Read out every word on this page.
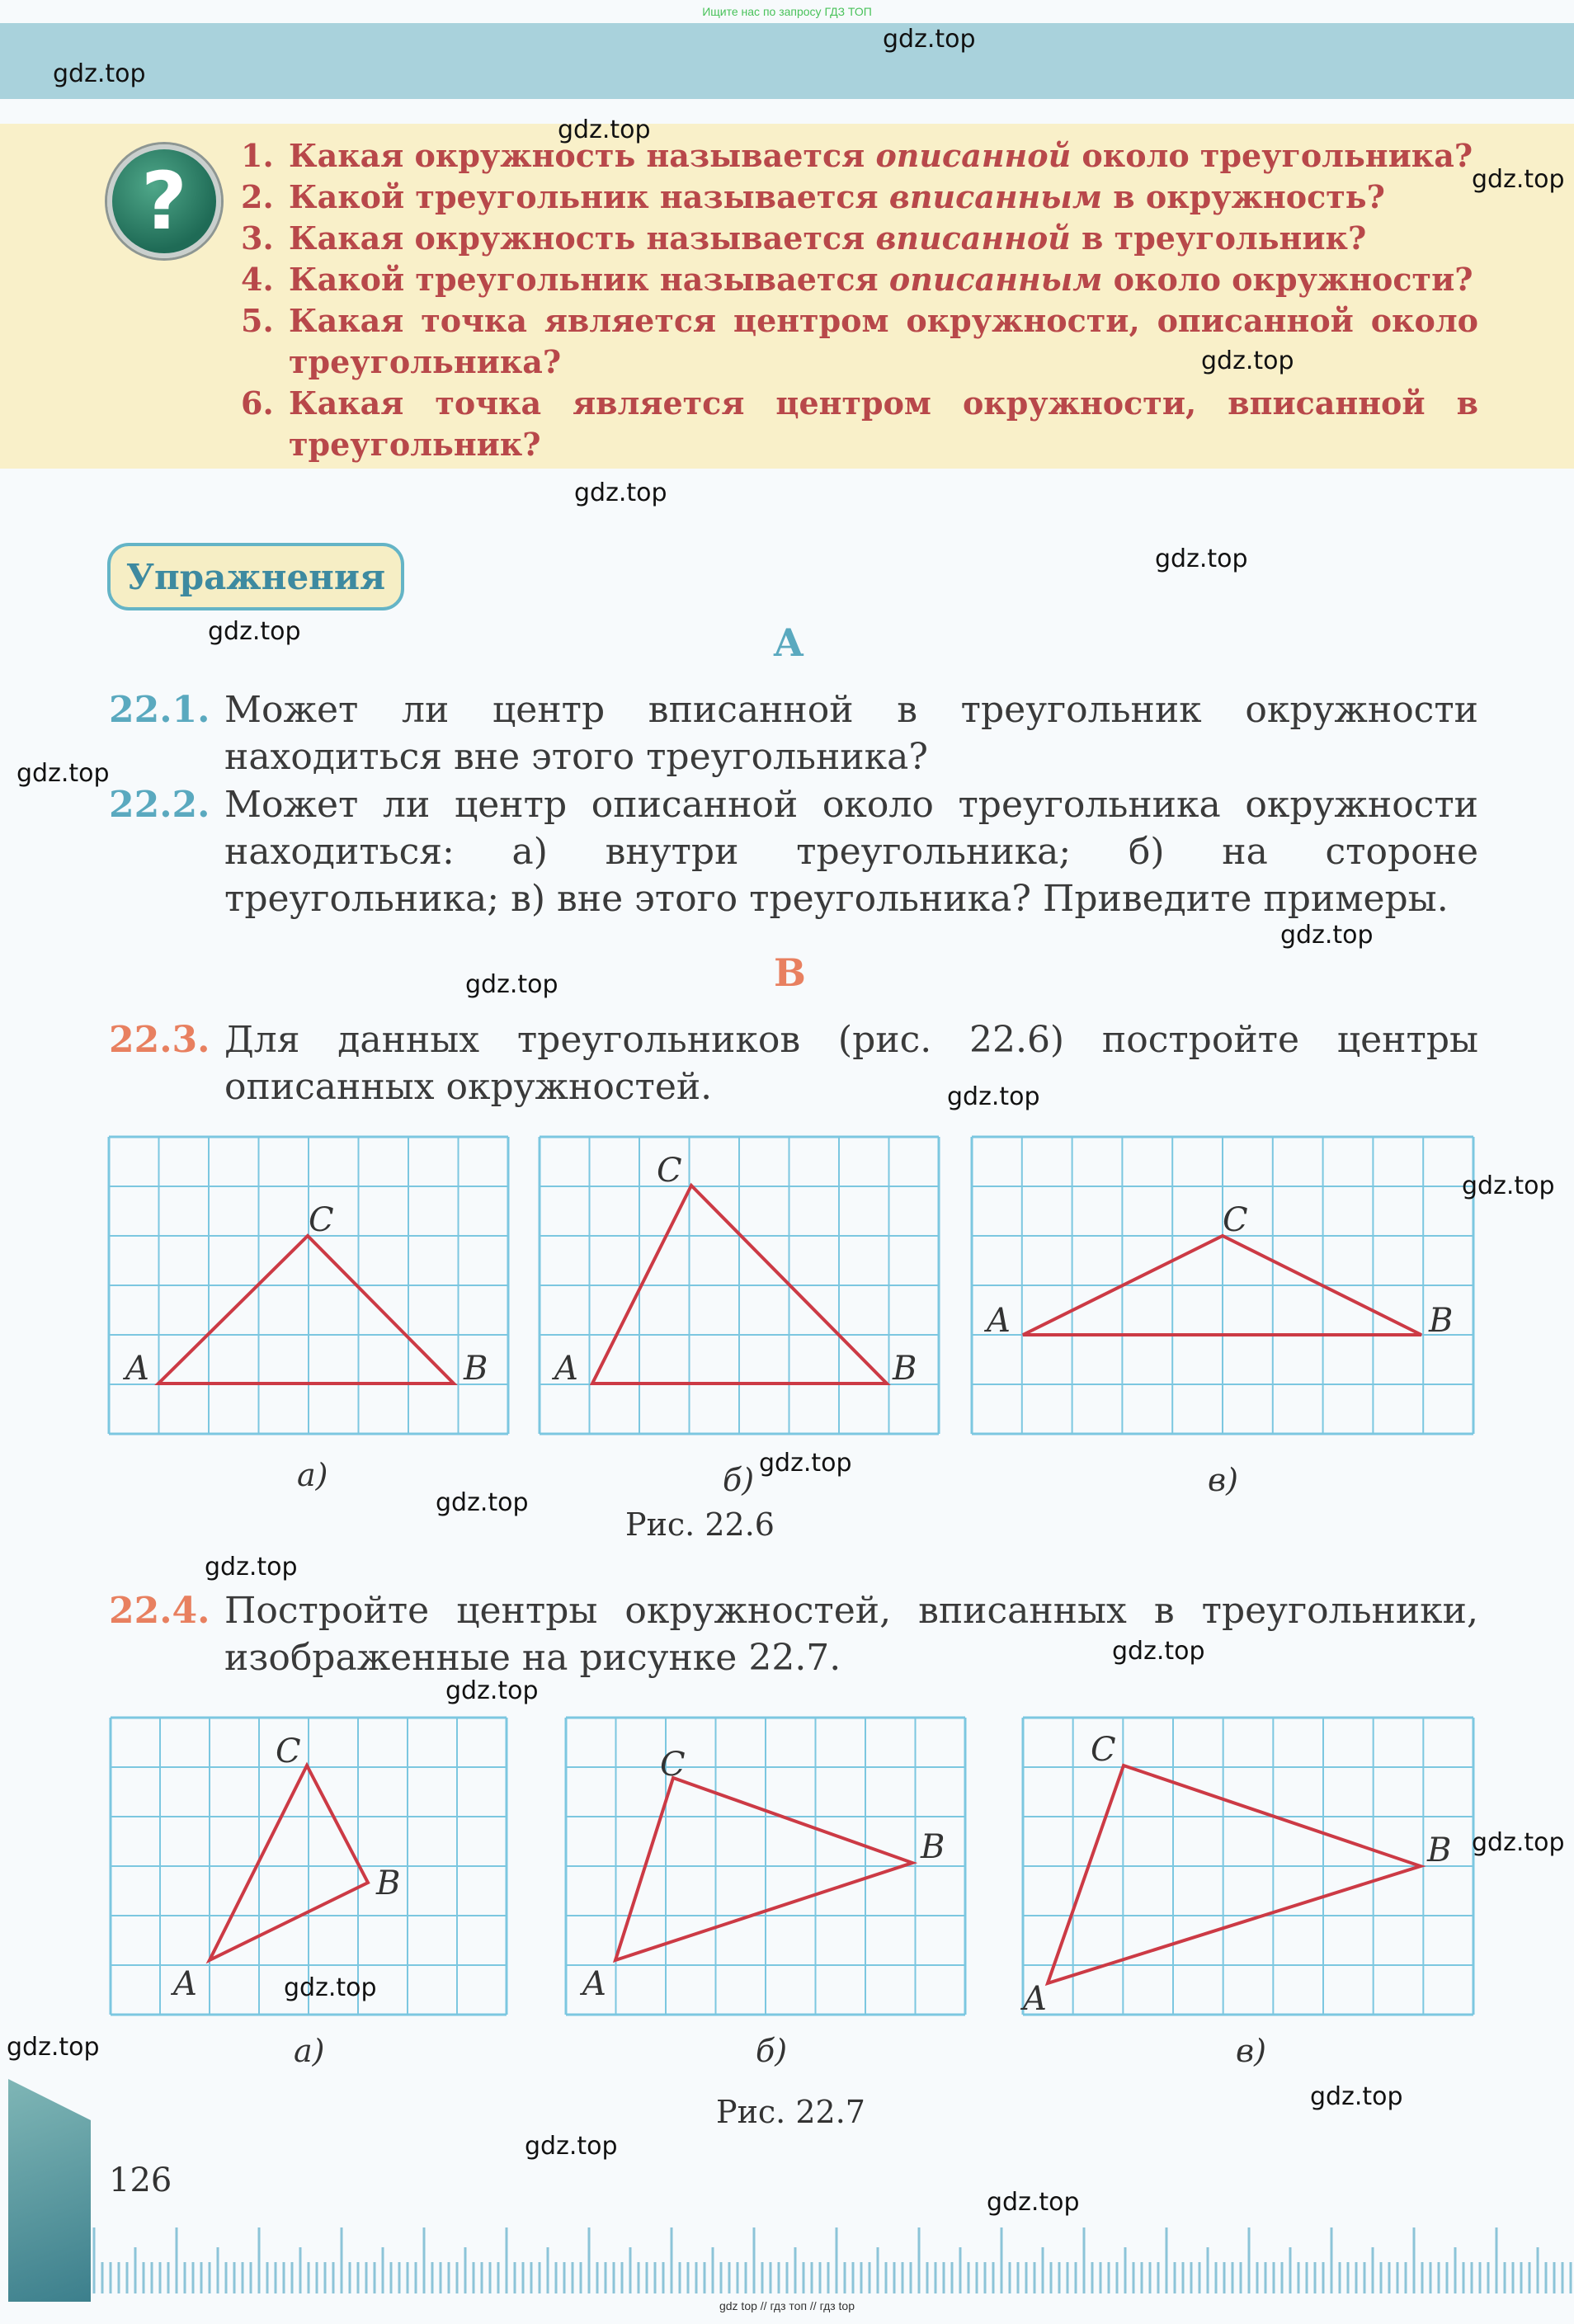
Ищите нас по запросу ГДЗ ТОП
?	1. Какая окружность называется описанной около треугольника?
2. Какой треугольник называется вписанным в окружность?
3. Какая окружность называется вписанной в треугольник?
4. Какой треугольник называется описанным около окружности?
5. Какая точка является центром окружности, описанной около треугольника?
6. Какая точка является центром окружности, вписанной в треугольник?
Упражнения
A
22.1. Может ли центр вписанной в треугольник окружности находиться вне этого треугольника?
22.2. Может ли центр описанной около треугольника окружности находиться: а) внутри треугольника; б) на стороне треугольника; в) вне этого треугольника? Приведите примеры.
B
22.3. Для данных треугольников (рис. 22.6) постройте центры описанных окружностей.
A	B
C
A	B
C
A	B
C
а)	б)	в)
Рис. 22.6
22.4. Постройте центры окружностей, вписанных в треугольники, изображенные на рисунке 22.7.
A
B
C
A
B
C
A
B
C
а)	б)	в)
Рис. 22.7
126
gdz top // гдз топ // гдз top
gdz.top
gdz.top
gdz.top
gdz.top
gdz.top
gdz.top
gdz.top
gdz.top
gdz.top
gdz.top
gdz.top
gdz.top
gdz.top
gdz.top
gdz.top
gdz.top
gdz.top
gdz.top
gdz.top
gdz.top
gdz.top
gdz.top
gdz.top
gdz.top
